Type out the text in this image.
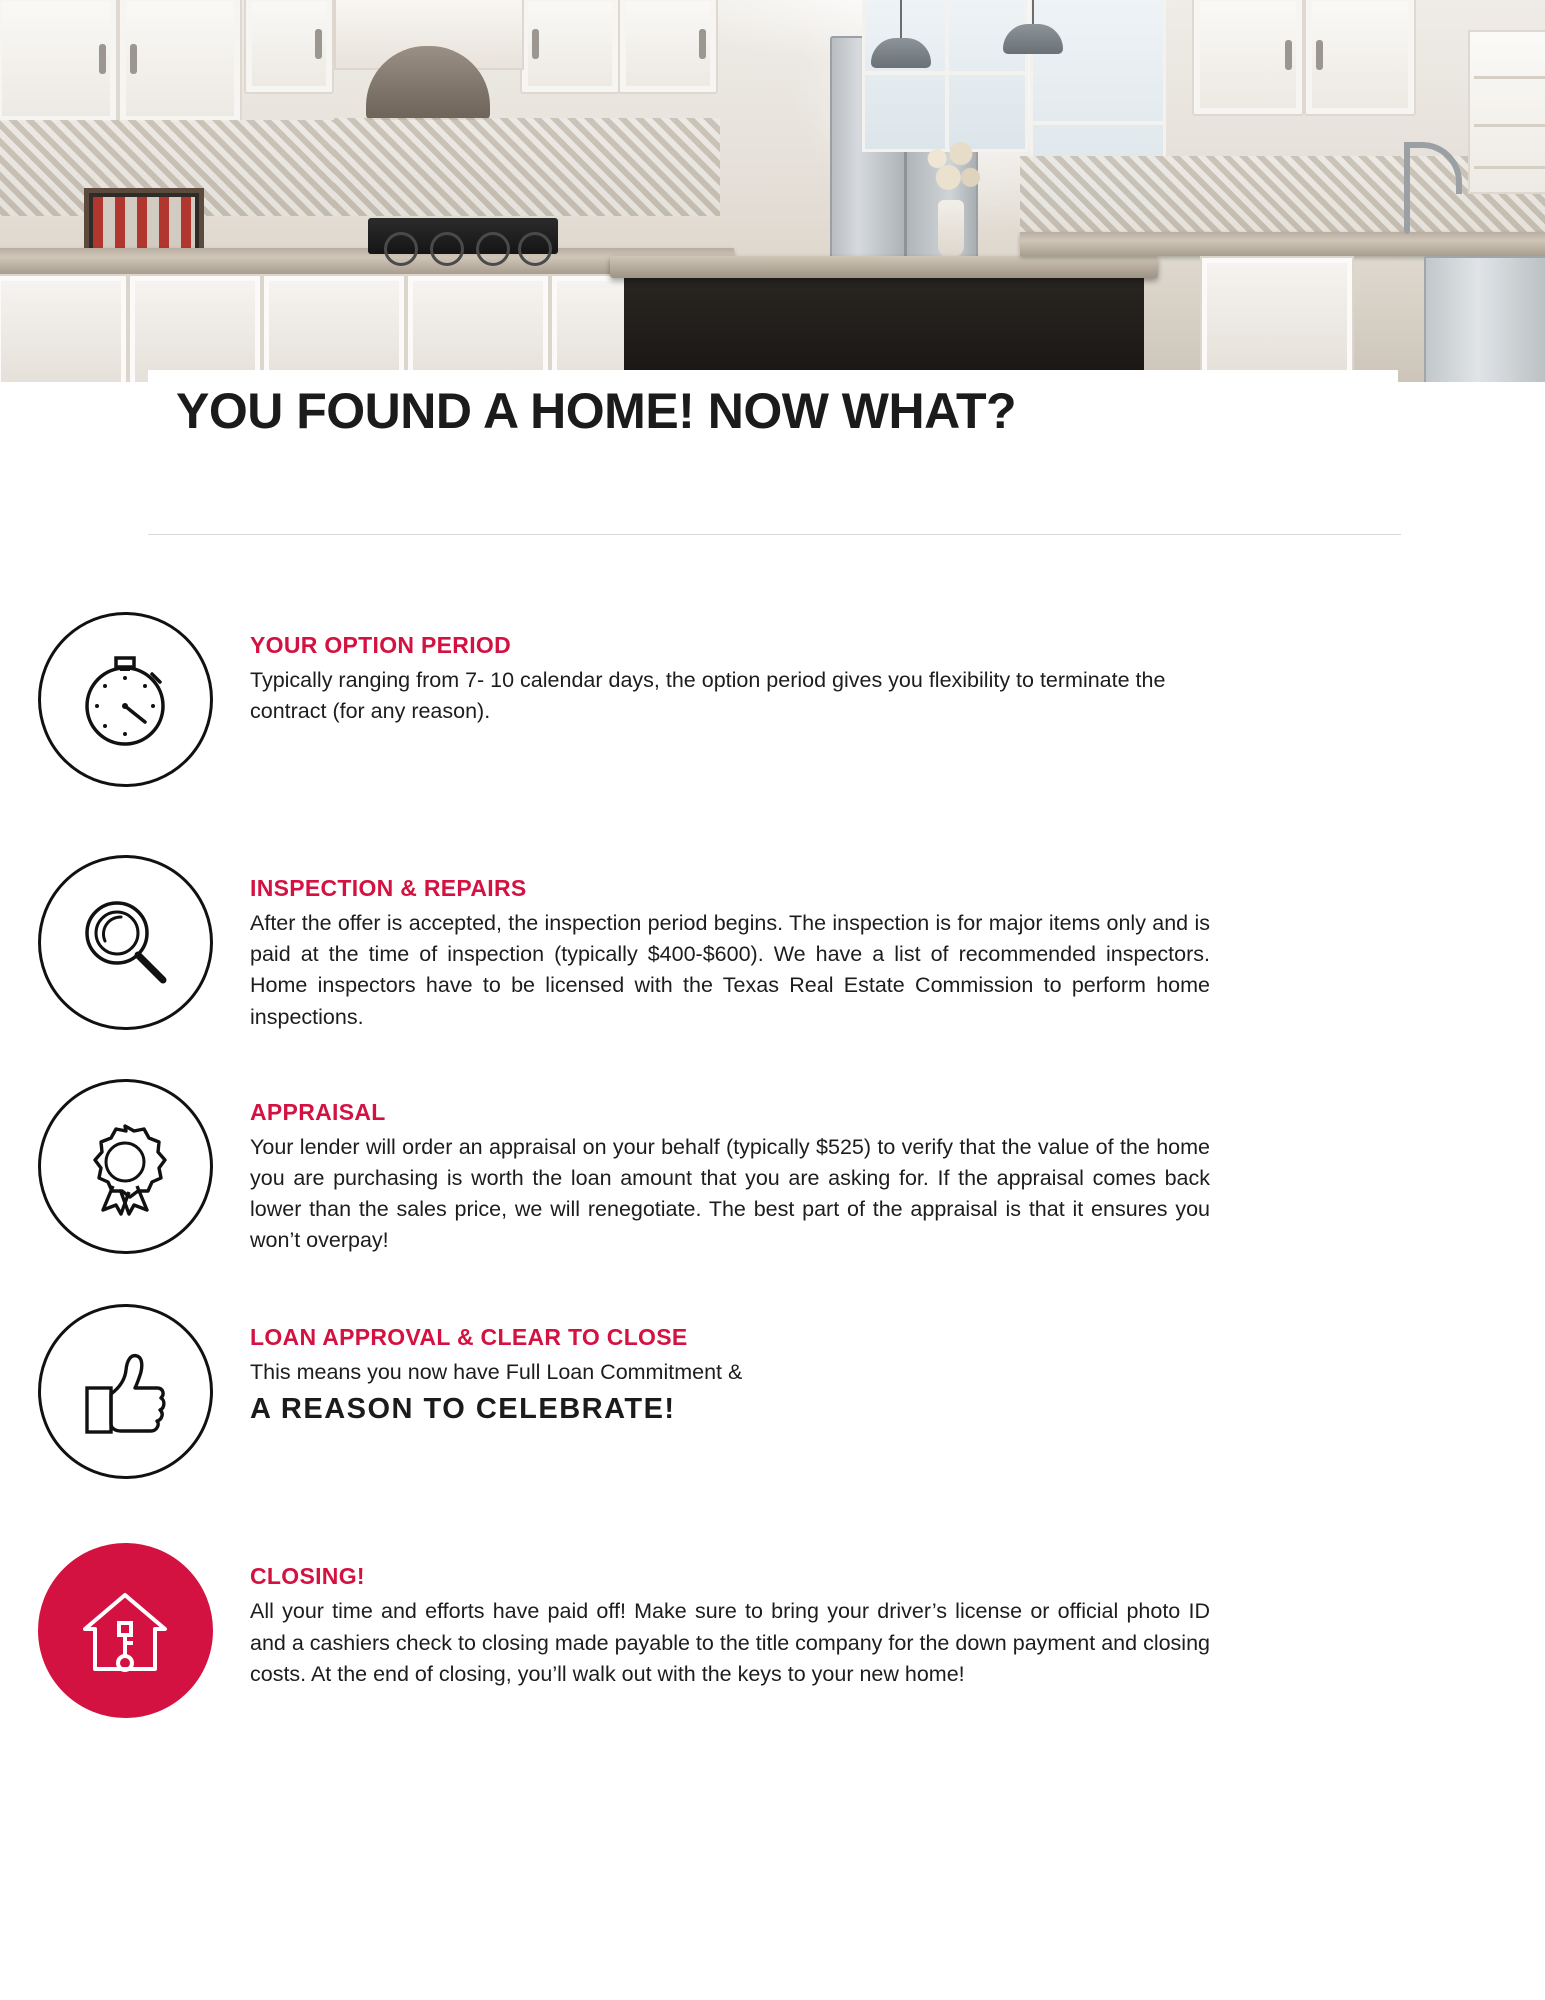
YOU FOUND A HOME! NOW WHAT?
YOUR OPTION PERIOD

Typically ranging from 7- 10 calendar days, the option period gives you flexibility to terminate the contract (for any reason).

INSPECTION & REPAIRS

After the offer is accepted, the inspection period begins. The inspection is for major items only and is paid at the time of inspection (typically $400-$600). We have a list of recommended inspectors. Home inspectors have to be licensed with the Texas Real Estate Commission to perform home inspections.

APPRAISAL

Your lender will order an appraisal on your behalf (typically $525) to verify that the value of the home you are purchasing is worth the loan amount that you are asking for. If the appraisal comes back lower than the sales price, we will renegotiate. The best part of the appraisal is that it ensures you won’t overpay!

LOAN APPROVAL & CLEAR TO CLOSE

This means you now have Full Loan Commitment &

A REASON TO CELEBRATE!

CLOSING!

All your time and efforts have paid off! Make sure to bring your driver’s license or official photo ID and a cashiers check to closing made payable to the title company for the down payment and closing costs. At the end of closing, you’ll walk out with the keys to your new home!
